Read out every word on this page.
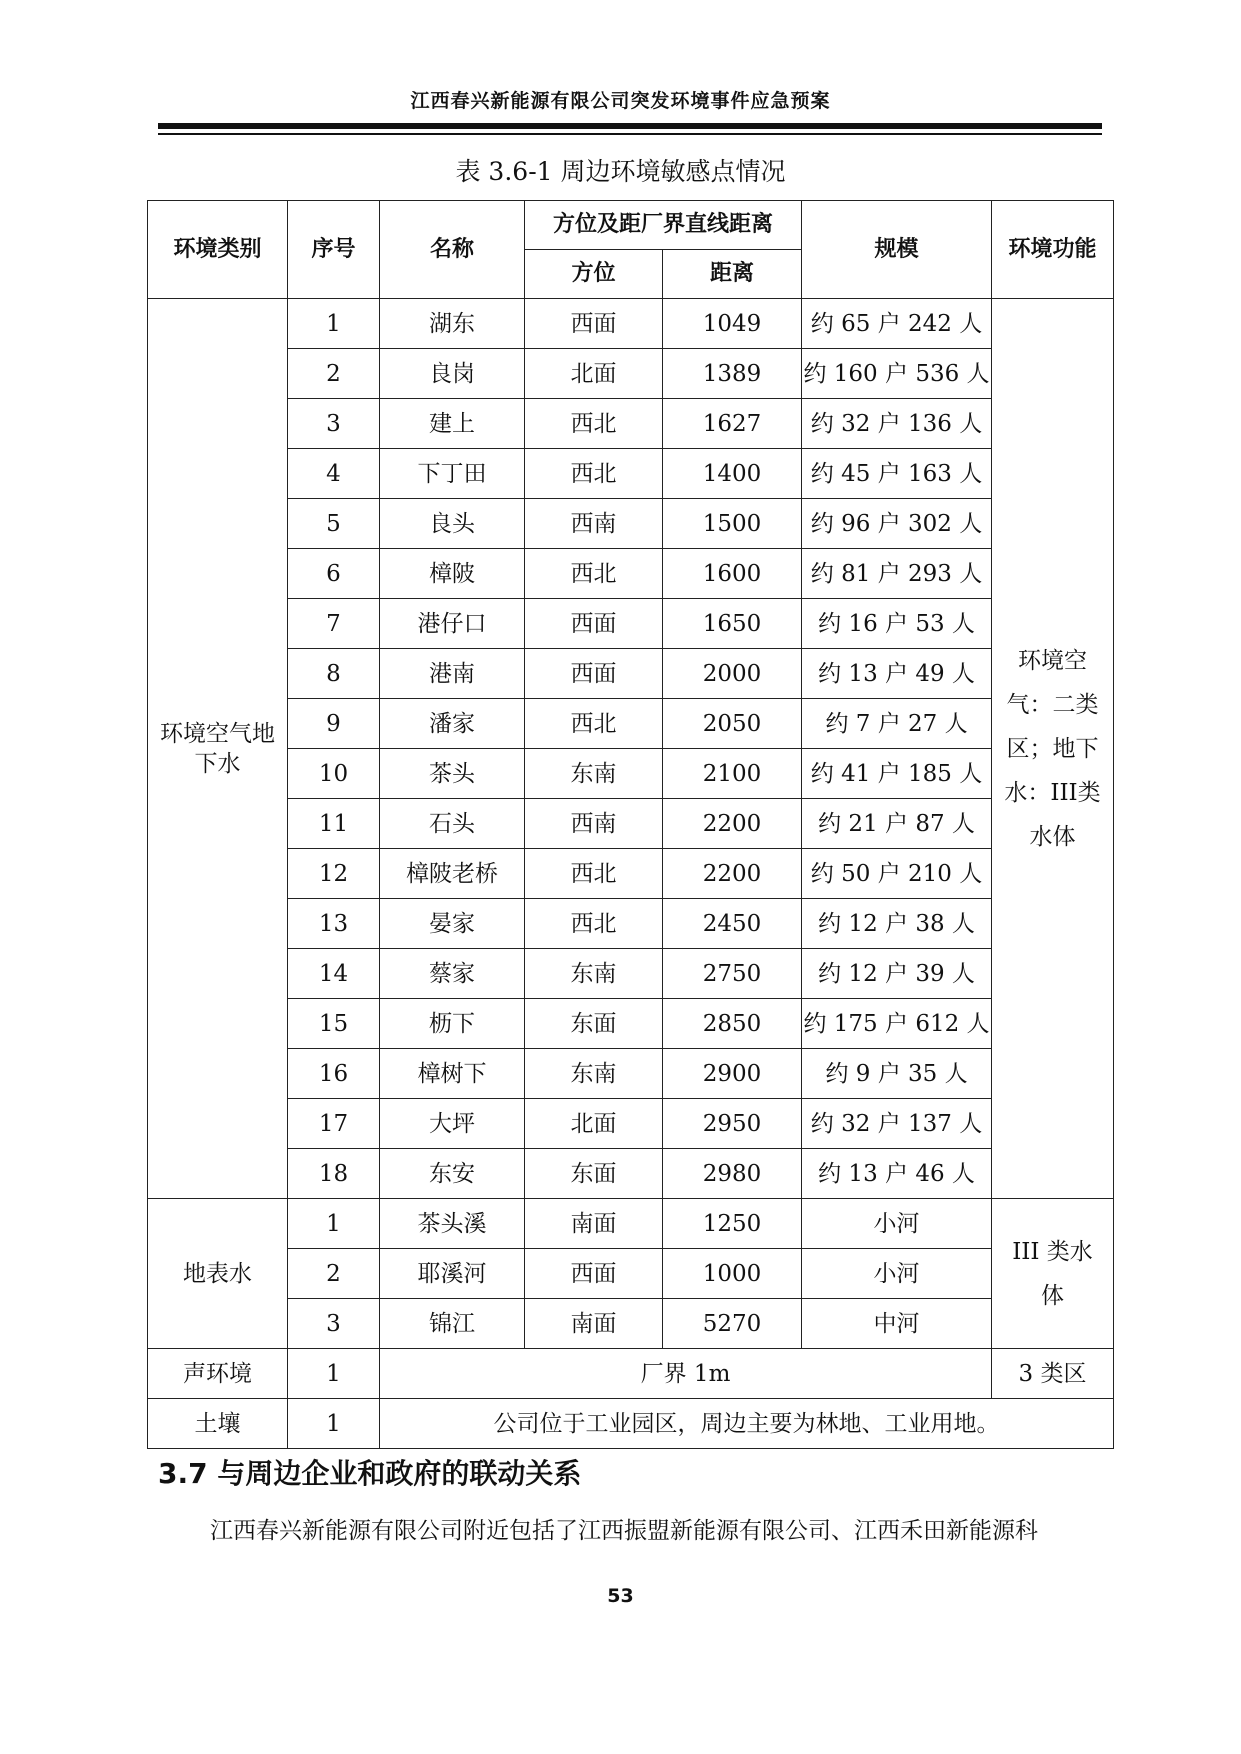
江西春兴新能源有限公司突发环境事件应急预案
表 3.6-1 周边环境敏感点情况
环境类别	序号	名称	方位及距厂界直线距离		规模	环境功能
			方位	距离		
环境空气地下水	1	湖东	西面	1049	约 65 户 242 人	环境空气：二类区；地下水：III类水体
	2	良岗	北面	1389	约 160 户 536 人	
	3	建上	西北	1627	约 32 户 136 人	
	4	下丁田	西北	1400	约 45 户 163 人	
	5	良头	西南	1500	约 96 户 302 人	
	6	樟陂	西北	1600	约 81 户 293 人	
	7	港仔口	西面	1650	约 16 户 53 人	
	8	港南	西面	2000	约 13 户 49 人	
	9	潘家	西北	2050	约 7 户 27 人	
	10	茶头	东南	2100	约 41 户 185 人	
	11	石头	西南	2200	约 21 户 87 人	
	12	樟陂老桥	西北	2200	约 50 户 210 人	
	13	晏家	西北	2450	约 12 户 38 人	
	14	蔡家	东南	2750	约 12 户 39 人	
	15	枥下	东面	2850	约 175 户 612 人	
	16	樟树下	东南	2900	约 9 户 35 人	
	17	大坪	北面	2950	约 32 户 137 人	
	18	东安	东面	2980	约 13 户 46 人	
地表水	1	茶头溪	南面	1250	小河	III 类水体
	2	耶溪河	西面	1000	小河	
	3	锦江	南面	5270	中河	
声环境	1	厂界 1m				3 类区
土壤	1	公司位于工业园区，周边主要为林地、工业用地。				
3.7 与周边企业和政府的联动关系
江西春兴新能源有限公司附近包括了江西振盟新能源有限公司、江西禾田新能源科
53
